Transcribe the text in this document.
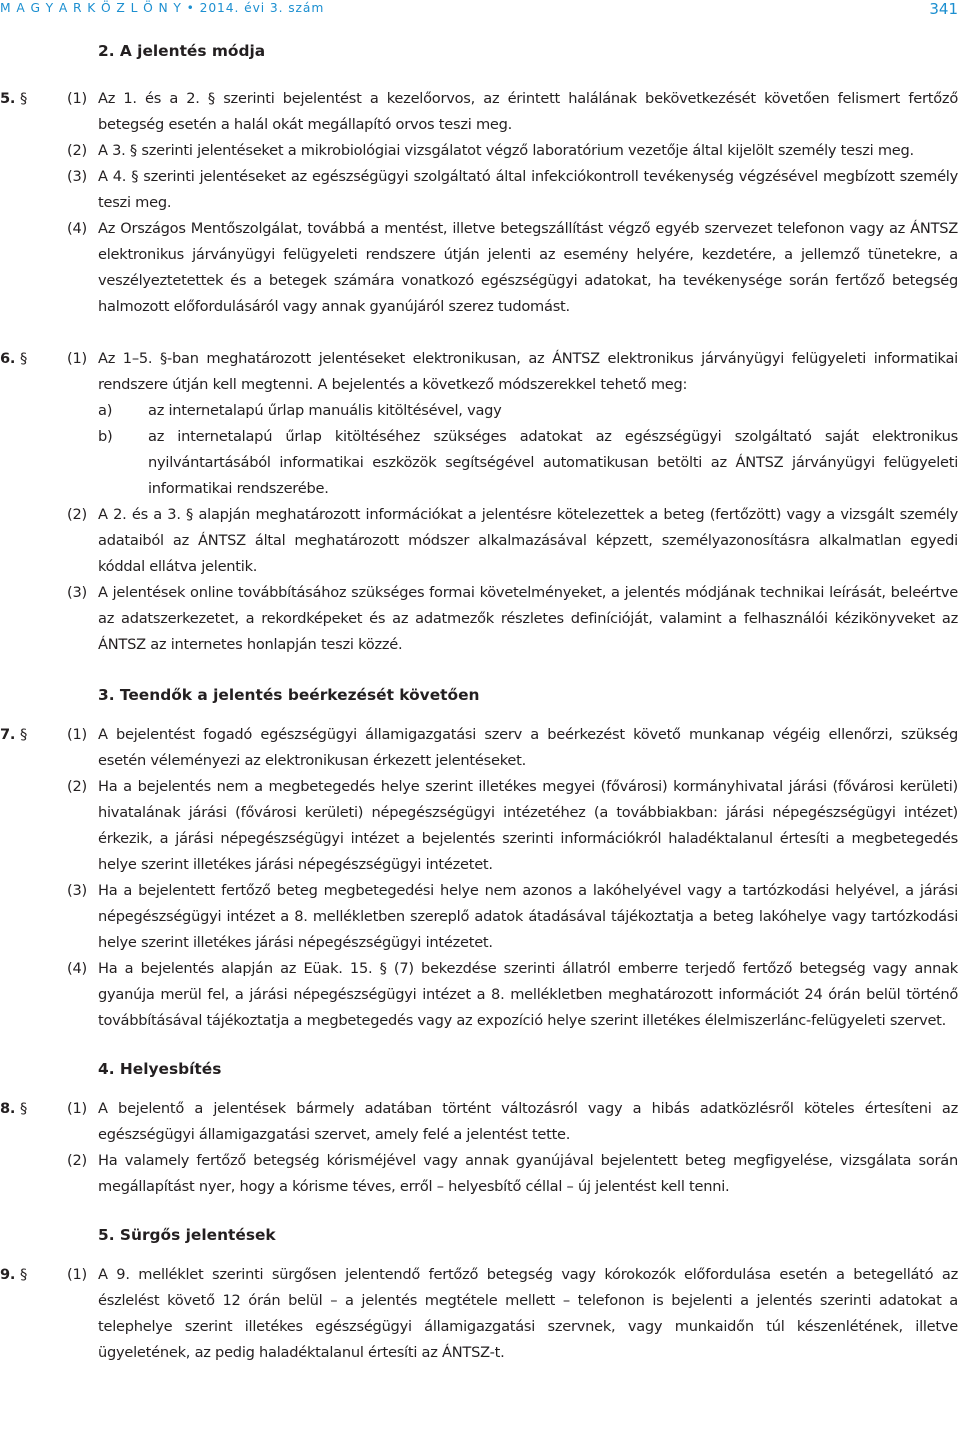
M A G Y A R K Ö Z L Ö N Y • 2014. évi 3. szám	341
2. A jelentés módja
5. §	(1) Az 1. és a 2. § szerinti bejelentést a kezelőorvos, az érintett halálának bekövetkezését követően felismert fertőző betegség esetén a halál okát megállapító orvos teszi meg.
(2) A 3. § szerinti jelentéseket a mikrobiológiai vizsgálatot végző laboratórium vezetője által kijelölt személy teszi meg.
(3) A 4. § szerinti jelentéseket az egészségügyi szolgáltató által infekciókontroll tevékenység végzésével megbízott személy teszi meg.
(4) Az Országos Mentőszolgálat, továbbá a mentést, illetve betegszállítást végző egyéb szervezet telefonon vagy az ÁNTSZ elektronikus járványügyi felügyeleti rendszere útján jelenti az esemény helyére, kezdetére, a jellemző tünetekre, a veszélyeztetettek és a betegek számára vonatkozó egészségügyi adatokat, ha tevékenysége során fertőző betegség halmozott előfordulásáról vagy annak gyanújáról szerez tudomást.
6. §	(1) Az 1–5. §-ban meghatározott jelentéseket elektronikusan, az ÁNTSZ elektronikus járványügyi felügyeleti informatikai rendszere útján kell megtenni. A bejelentés a következő módszerekkel tehető meg:
a) az internetalapú űrlap manuális kitöltésével, vagy
b) az internetalapú űrlap kitöltéséhez szükséges adatokat az egészségügyi szolgáltató saját elektronikus nyilvántartásából informatikai eszközök segítségével automatikusan betölti az ÁNTSZ járványügyi felügyeleti informatikai rendszerébe.
(2) A 2. és a 3. § alapján meghatározott információkat a jelentésre kötelezettek a beteg (fertőzött) vagy a vizsgált személy adataiból az ÁNTSZ által meghatározott módszer alkalmazásával képzett, személyazonosításra alkalmatlan egyedi kóddal ellátva jelentik.
(3) A jelentések online továbbításához szükséges formai követelményeket, a jelentés módjának technikai leírását, beleértve az adatszerkezetet, a rekordképeket és az adatmezők részletes definícióját, valamint a felhasználói kézikönyveket az ÁNTSZ az internetes honlapján teszi közzé.
3. Teendők a jelentés beérkezését követően
7. §	(1) A bejelentést fogadó egészségügyi államigazgatási szerv a beérkezést követő munkanap végéig ellenőrzi, szükség esetén véleményezi az elektronikusan érkezett jelentéseket.
(2) Ha a bejelentés nem a megbetegedés helye szerint illetékes megyei (fővárosi) kormányhivatal járási (fővárosi kerületi) hivatalának járási (fővárosi kerületi) népegészségügyi intézetéhez (a továbbiakban: járási népegészségügyi intézet) érkezik, a járási népegészségügyi intézet a bejelentés szerinti információkról haladéktalanul értesíti a megbetegedés helye szerint illetékes járási népegészségügyi intézetet.
(3) Ha a bejelentett fertőző beteg megbetegedési helye nem azonos a lakóhelyével vagy a tartózkodási helyével, a járási népegészségügyi intézet a 8. mellékletben szereplő adatok átadásával tájékoztatja a beteg lakóhelye vagy tartózkodási helye szerint illetékes járási népegészségügyi intézetet.
(4) Ha a bejelentés alapján az Eüak. 15. § (7) bekezdése szerinti állatról emberre terjedő fertőző betegség vagy annak gyanúja merül fel, a járási népegészségügyi intézet a 8. mellékletben meghatározott információt 24 órán belül történő továbbításával tájékoztatja a megbetegedés vagy az expozíció helye szerint illetékes élelmiszerlánc-felügyeleti szervet.
4. Helyesbítés
8. §	(1) A bejelentő a jelentések bármely adatában történt változásról vagy a hibás adatközlésről köteles értesíteni az egészségügyi államigazgatási szervet, amely felé a jelentést tette.
(2) Ha valamely fertőző betegség kórisméjével vagy annak gyanújával bejelentett beteg megfigyelése, vizsgálata során megállapítást nyer, hogy a kórisme téves, erről – helyesbítő céllal – új jelentést kell tenni.
5. Sürgős jelentések
9. §	(1) A 9. melléklet szerinti sürgősen jelentendő fertőző betegség vagy kórokozók előfordulása esetén a betegellátó az észlelést követő 12 órán belül – a jelentés megtétele mellett – telefonon is bejelenti a jelentés szerinti adatokat a telephelye szerint illetékes egészségügyi államigazgatási szervnek, vagy munkaidőn túl készenlétének, illetve ügyeletének, az pedig haladéktalanul értesíti az ÁNTSZ-t.
